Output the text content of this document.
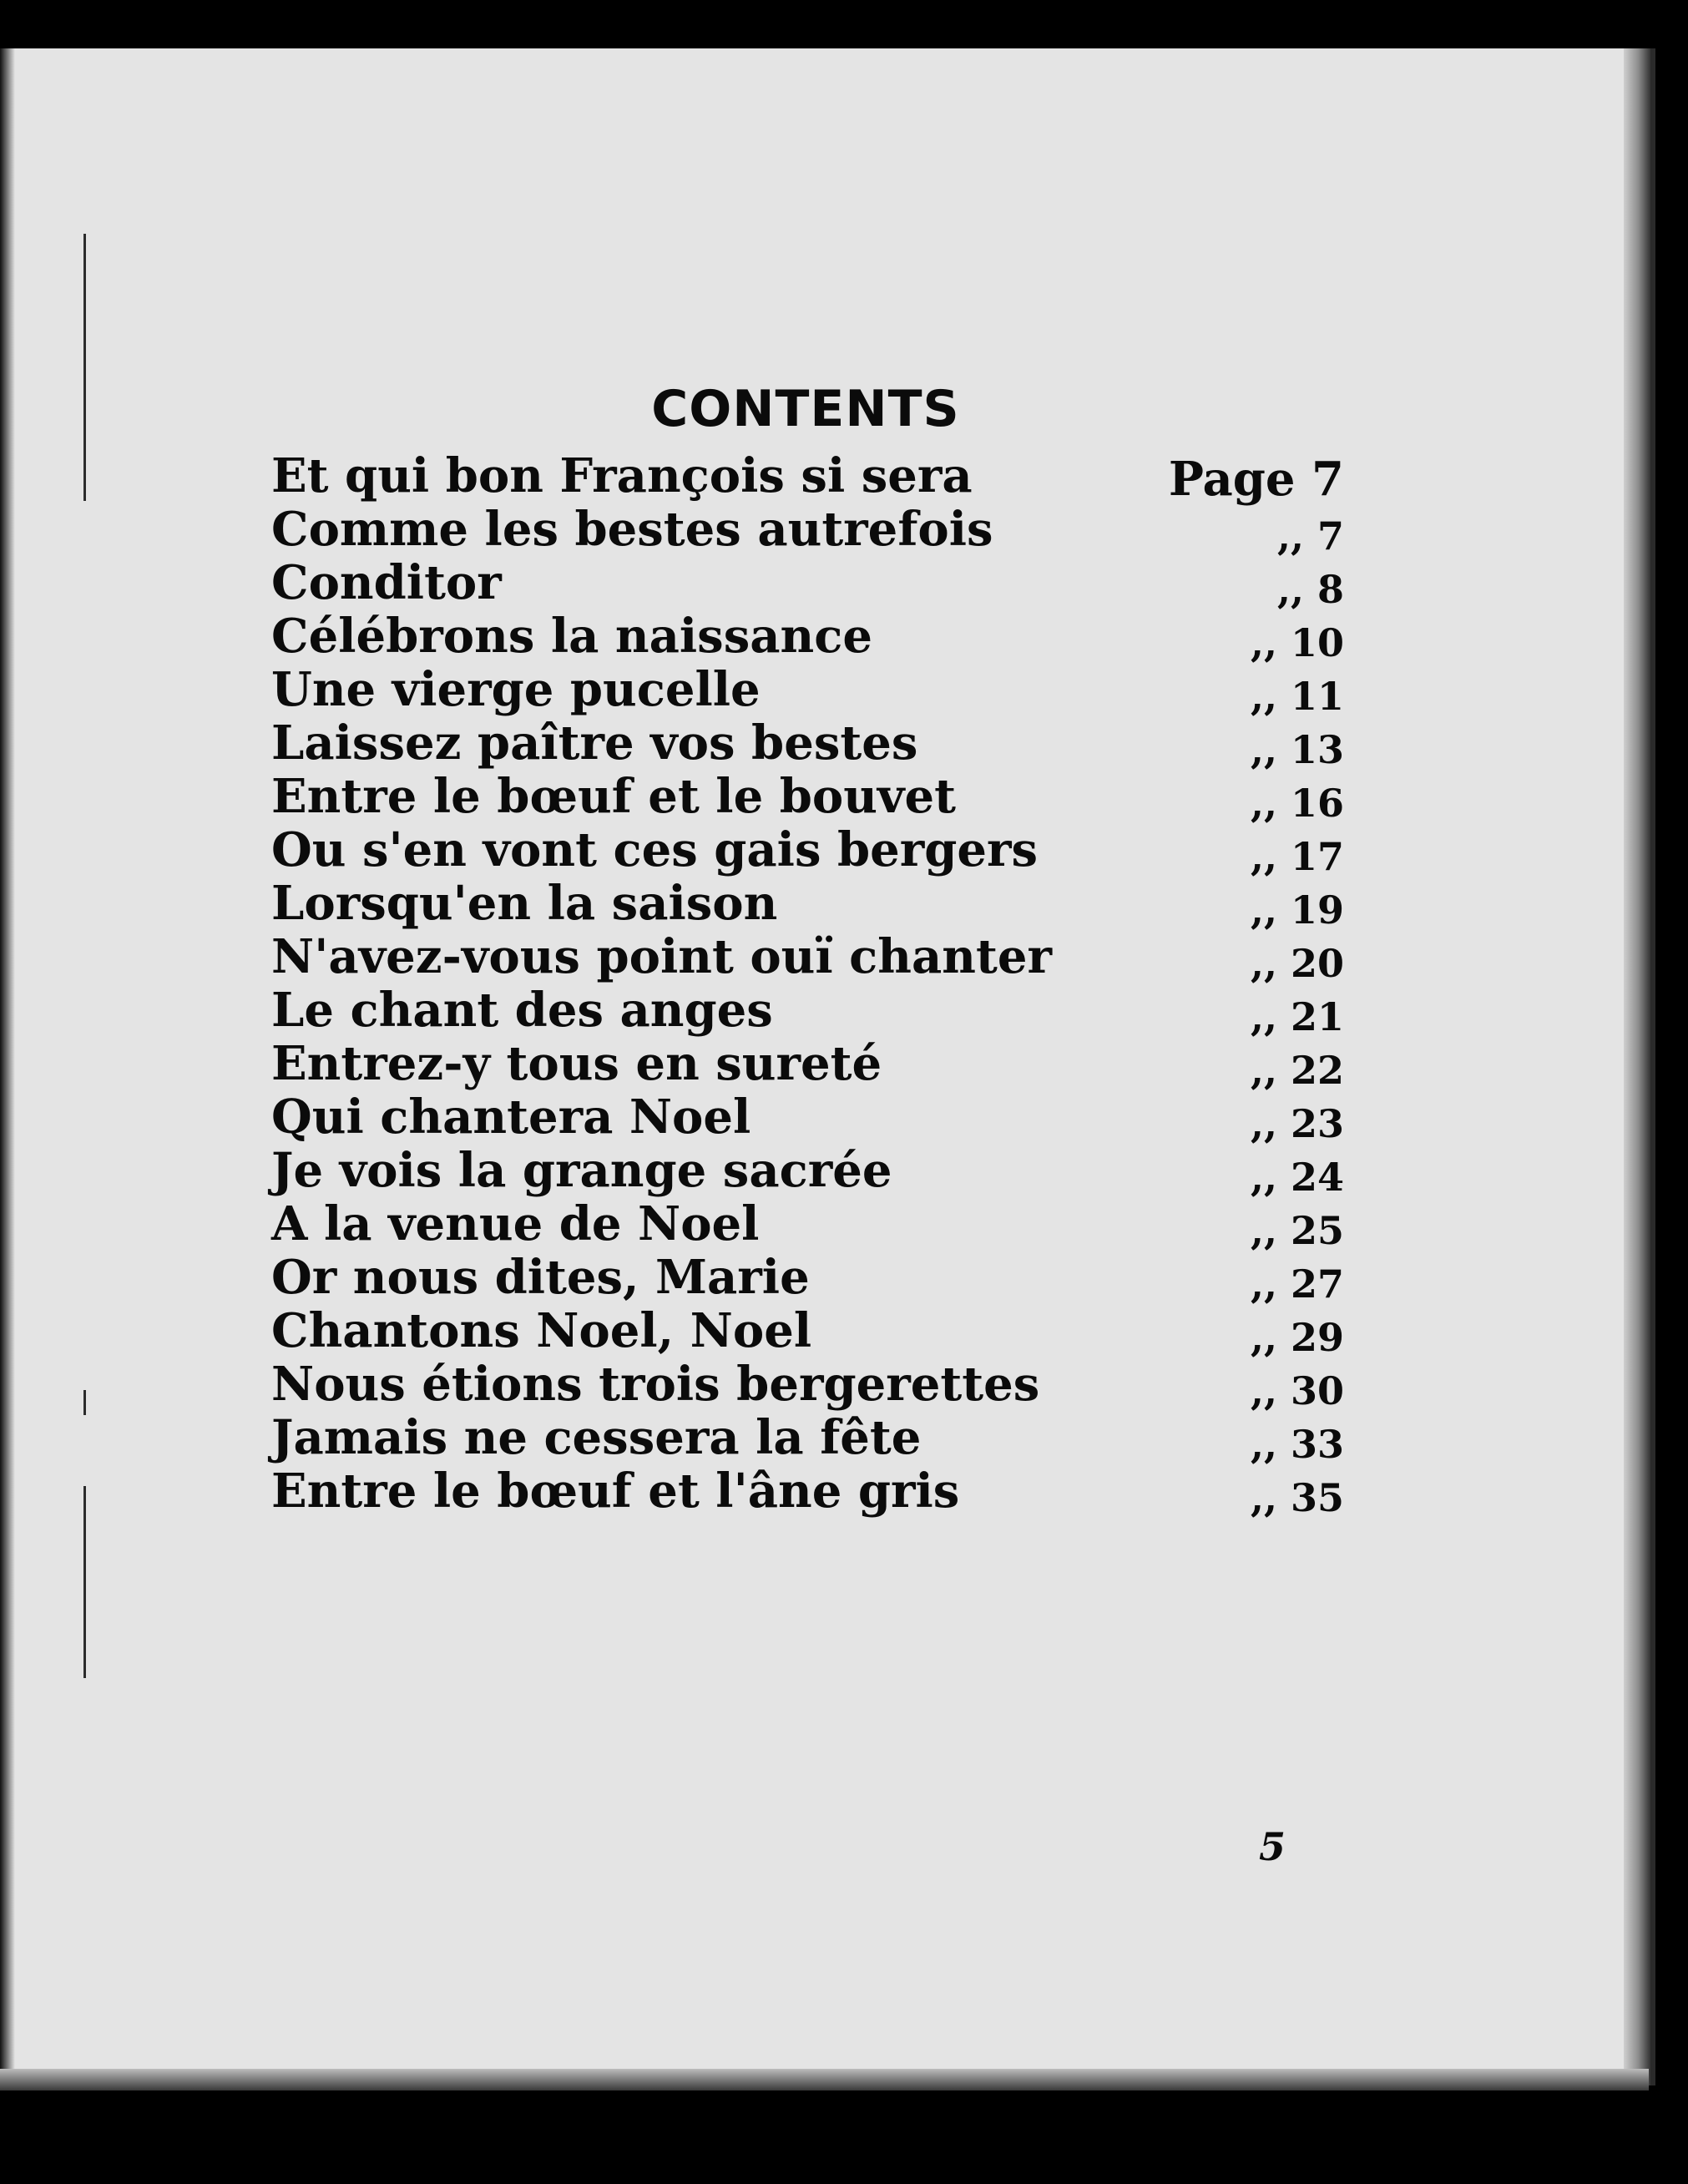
CONTENTS
Et qui bon François si sera	Page 7
Comme les bestes autrefois	,, 7
Conditor	,, 8
Célébrons la naissance	,, 10
Une vierge pucelle	,, 11
Laissez paître vos bestes	,, 13
Entre le bœuf et le bouvet	,, 16
Ou s'en vont ces gais bergers	,, 17
Lorsqu'en la saison	,, 19
N'avez-vous point ouï chanter	,, 20
Le chant des anges	,, 21
Entrez-y tous en sureté	,, 22
Qui chantera Noel	,, 23
Je vois la grange sacrée	,, 24
A la venue de Noel	,, 25
Or nous dites, Marie	,, 27
Chantons Noel, Noel	,, 29
Nous étions trois bergerettes	,, 30
Jamais ne cessera la fête	,, 33
Entre le bœuf et l'âne gris	,, 35
5
